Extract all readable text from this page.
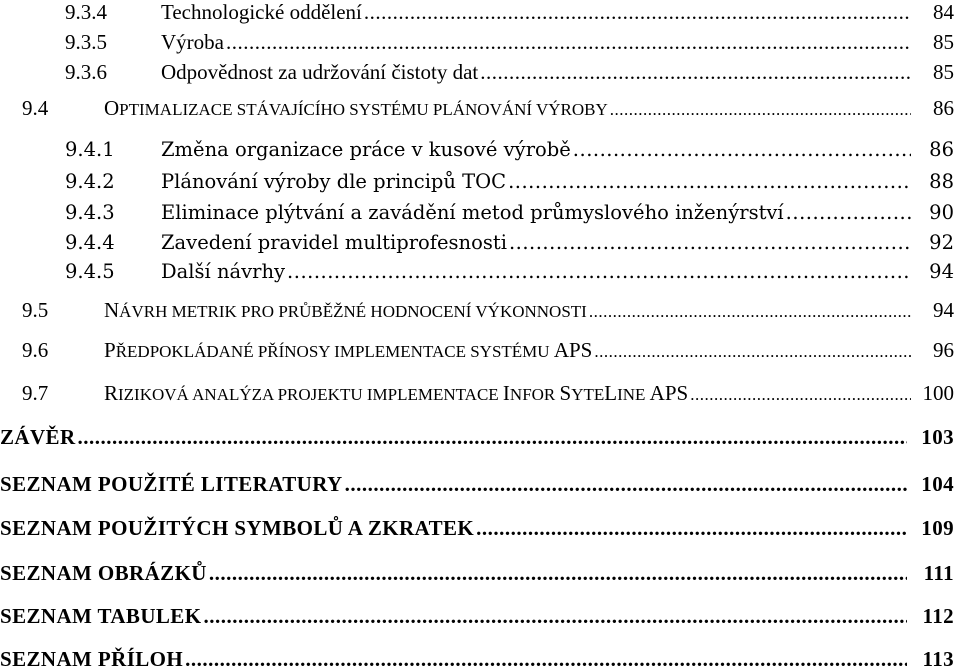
9.3.4	Technologické oddělení .....	84
9.3.5	Výroba .....	85
9.3.6	Odpovědnost za udržování čistoty dat .....	85
9.4	OPTIMALIZACE STÁVAJÍCÍHO SYSTÉMU PLÁNOVÁNÍ VÝROBY .....	86
9.4.1	Změna organizace práce v kusové výrobě .....	86
9.4.2	Plánování výroby dle principů TOC .....	88
9.4.3	Eliminace plýtvání a zavádění metod průmyslového inženýrství .....	90
9.4.4	Zavedení pravidel multiprofesnosti .....	92
9.4.5	Další návrhy .....	94
9.5	NÁVRH METRIK PRO PRŮBĚŽNÉ HODNOCENÍ VÝKONNOSTI .....	94
9.6	PŘEDPOKLÁDANÉ PŘÍNOSY IMPLEMENTACE SYSTÉMU APS .....	96
9.7	RIZIKOVÁ ANALÝZA PROJEKTU IMPLEMENTACE INFOR SYTELINE APS .....	100
ZÁVĚR .....	103
SEZNAM POUŽITÉ LITERATURY .....	104
SEZNAM POUŽITÝCH SYMBOLŮ A ZKRATEK .....	109
SEZNAM OBRÁZKŮ .....	111
SEZNAM TABULEK .....	112
SEZNAM PŘÍLOH .....	113
